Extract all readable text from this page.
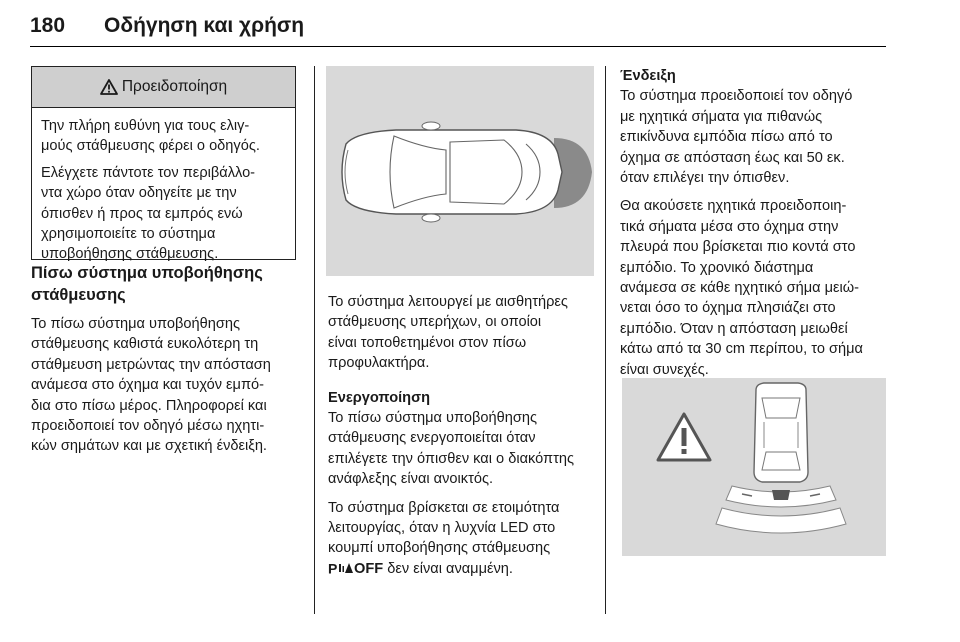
180 Οδήγηση και χρήση
Προειδοποίηση

Την πλήρη ευθύνη για τους ελιγ-
μούς στάθμευσης φέρει ο οδηγός.

Ελέγχετε πάντοτε τον περιβάλλο-
ντα χώρο όταν οδηγείτε με την
όπισθεν ή προς τα εμπρός ενώ
χρησιμοποιείτε το σύστημα
υποβοήθησης στάθμευσης.

Πίσω σύστημα υποβοήθησης
στάθμευσης

Το πίσω σύστημα υποβοήθησης
στάθμευσης καθιστά ευκολότερη τη
στάθμευση μετρώντας την απόσταση
ανάμεσα στο όχημα και τυχόν εμπό-
δια στο πίσω μέρος. Πληροφορεί και
προειδοποιεί τον οδηγό μέσω ηχητι-
κών σημάτων και με σχετική ένδειξη.

Το σύστημα λειτουργεί με αισθητήρες
στάθμευσης υπερήχων, οι οποίοι
είναι τοποθετημένοι στον πίσω
προφυλακτήρα.

Ενεργοποίηση

Το πίσω σύστημα υποβοήθησης
στάθμευσης ενεργοποιείται όταν
επιλέγετε την όπισθεν και ο διακόπτης
ανάφλεξης είναι ανοικτός.

Το σύστημα βρίσκεται σε ετοιμότητα
λειτουργίας, όταν η λυχνία LED στο
κουμπί υποβοήθησης στάθμευσης
P OFF δεν είναι αναμμένη.

Ένδειξη

Το σύστημα προειδοποιεί τον οδηγό
με ηχητικά σήματα για πιθανώς
επικίνδυνα εμπόδια πίσω από το
όχημα σε απόσταση έως και 50 εκ.
όταν επιλέγει την όπισθεν.

Θα ακούσετε ηχητικά προειδοποιη-
τικά σήματα μέσα στο όχημα στην
πλευρά που βρίσκεται πιο κοντά στο
εμπόδιο. Το χρονικό διάστημα
ανάμεσα σε κάθε ηχητικό σήμα μειώ-
νεται όσο το όχημα πλησιάζει στο
εμπόδιο. Όταν η απόσταση μειωθεί
κάτω από τα 30 cm περίπου, το σήμα
είναι συνεχές.
